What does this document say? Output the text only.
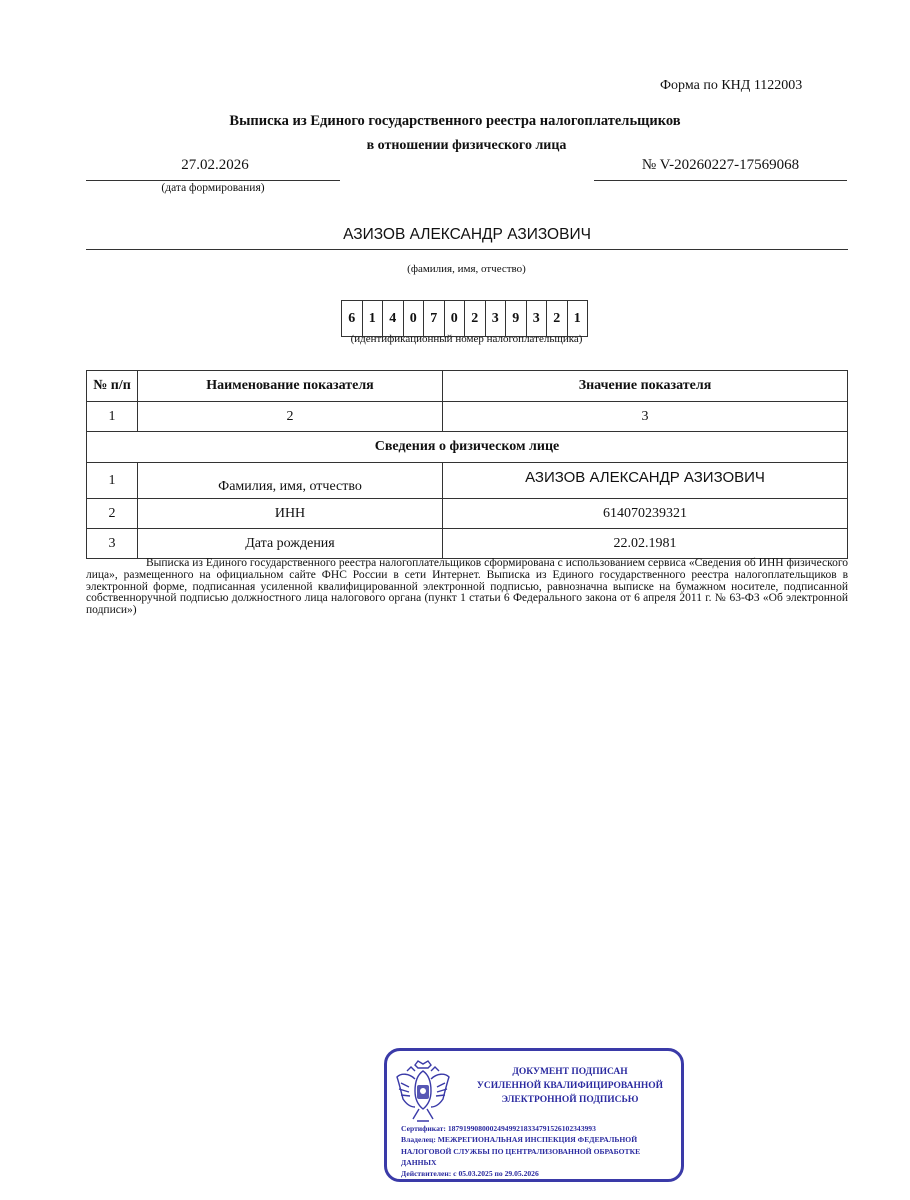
Форма по КНД 1122003
Выписка из Единого государственного реестра налогоплательщиков
в отношении физического лица
27.02.2026
(дата формирования)
№ V-20260227-17569068
АЗИЗОВ АЛЕКСАНДР АЗИЗОВИЧ
(фамилия, имя, отчество)
6 1 4 0 7 0 2 3 9 3 2 1
(идентификационный номер налогоплательщика)
№ п/п	Наименование показателя	Значение показателя
1	2	3
Сведения о физическом лице		
1	Фамилия, имя, отчество	АЗИЗОВ АЛЕКСАНДР АЗИЗОВИЧ
2	ИНН	614070239321
3	Дата рождения	22.02.1981
Выписка из Единого государственного реестра налогоплательщиков сформирована с использованием сервиса «Сведения об ИНН физического лица», размещенного на официальном сайте ФНС России в сети Интернет. Выписка из Единого государственного реестра налогоплательщиков в электронной форме, подписанная усиленной квалифицированной электронной подписью, равнозначна выписке на бумажном носителе, подписанной собственноручной подписью должностного лица налогового органа (пункт 1 статьи 6 Федерального закона от 6 апреля 2011 г. № 63-ФЗ «Об электронной подписи»)
ДОКУМЕНТ ПОДПИСАН
УСИЛЕННОЙ КВАЛИФИЦИРОВАННОЙ
ЭЛЕКТРОННОЙ ПОДПИСЬЮ
Сертификат: 1879199080002494992183347915261023439​93
Владелец: МЕЖРЕГИОНАЛЬНАЯ ИНСПЕКЦИЯ ФЕДЕРАЛЬНОЙ НАЛОГОВОЙ СЛУЖБЫ ПО ЦЕНТРАЛИЗОВАННОЙ ОБРАБОТКЕ ДАННЫХ
Действителен: с 05.03.2025 по 29.05.2026
